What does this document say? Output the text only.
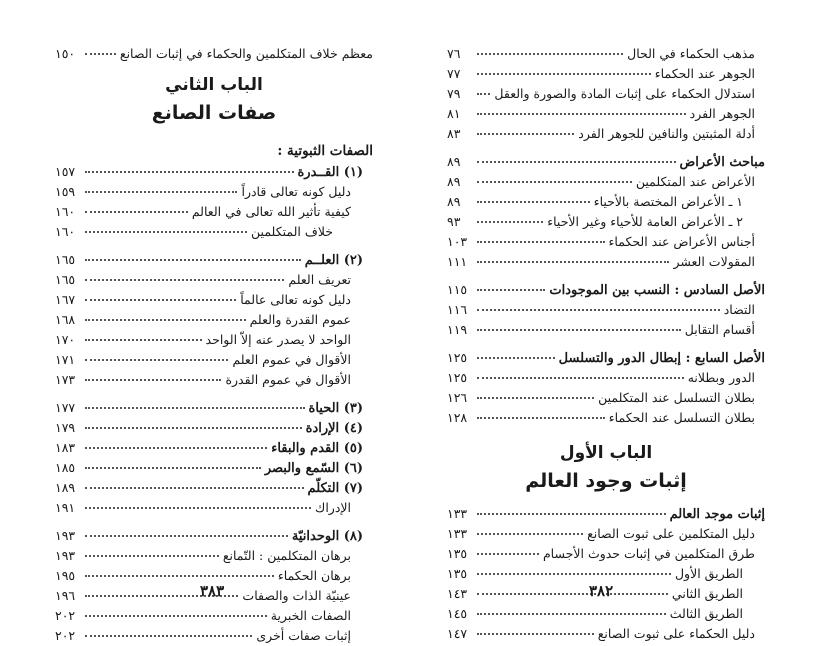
معظم خلاف المتكلمين والحكماء في إثبات الصانع
١٥٠
الباب الثاني
صفات الصانع
الصفات الثبوتية :
(١) القــدرة
١٥٧
دليل كونه تعالى قادراً
١٥٩
كيفية تأثير الله تعالى في العالم
١٦٠
خلاف المتكلمين
١٦٠
(٢) العلــم
١٦٥
تعريف العلم
١٦٥
دليل كونه تعالى عالماً
١٦٧
عموم القدرة والعلم
١٦٨
الواحد لا يصدر عنه إلاّ الواحد
١٧٠
الأقوال في عموم العلم
١٧١
الأقوال في عموم القدرة
١٧٣
(٣) الحياة
١٧٧
(٤) الإرادة
١٧٩
(٥) القدم والبقاء
١٨٣
(٦) السّمع والبصر
١٨٥
(٧) التكلّم
١٨٩
الإدراك
١٩١
(٨) الوحدانيّة
١٩٣
برهان المتكلمين : التّمانع
١٩٣
برهان الحكماء
١٩٥
عينيّة الذات والصفات
١٩٦
الصفات الخبرية
٢٠٢
إثبات صفات أخرى
٢٠٢
٣٨٣
مذهب الحكماء في الحال
٧٦
الجوهر عند الحكماء
٧٧
استدلال الحكماء على إثبات المادة والصورة والعقل
٧٩
الجوهر الفرد
٨١
أدلة المثبتين والنافين للجوهر الفرد
٨٣
مباحث الأعراض
٨٩
الأعراض عند المتكلمين
٨٩
١ ـ الأعراض المختصة بالأحياء
٨٩
٢ ـ الأعراض العامة للأحياء وغير الأحياء
٩٣
أجناس الأعراض عند الحكماء
١٠٣
المقولات العشر
١١١
الأصل السادس : النسب بين الموجودات
١١٥
التضاد
١١٦
أقسام التقابل
١١٩
الأصل السابع : إبطال الدور والتسلسل
١٢٥
الدور وبطلانه
١٢٥
بطلان التسلسل عند المتكلمين
١٢٦
بطلان التسلسل عند الحكماء
١٢٨
الباب الأول
إثبات وجود العالم
إثبات موجد العالم
١٣٣
دليل المتكلمين على ثبوت الصانع
١٣٣
طرق المتكلمين في إثبات حدوث الأجسام
١٣٥
الطريق الأول
١٣٥
الطريق الثاني
١٤٣
الطريق الثالث
١٤٥
دليل الحكماء على ثبوت الصانع
١٤٧
٣٨٢
